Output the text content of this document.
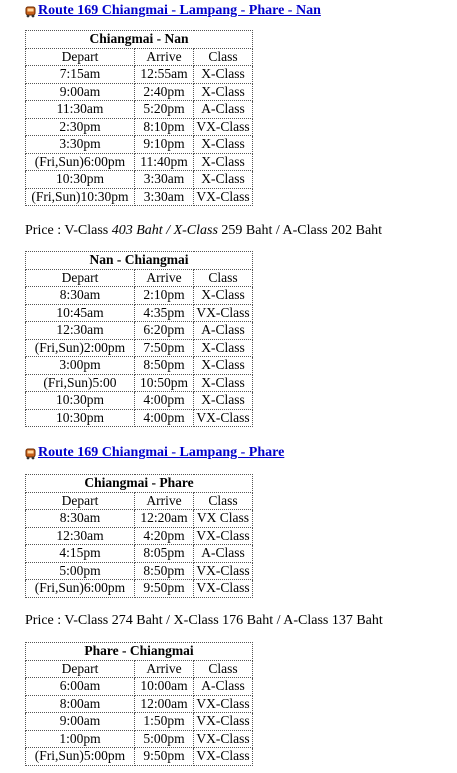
Route 169 Chiangmai - Lampang - Phare - Nan
Chiangmai - Nan		
Depart	Arrive	Class
7:15am	12:55am	X-Class
9:00am	2:40pm	X-Class
11:30am	5:20pm	A-Class
2:30pm	8:10pm	VX-Class
3:30pm	9:10pm	X-Class
(Fri,Sun)6:00pm	11:40pm	X-Class
10:30pm	3:30am	X-Class
(Fri,Sun)10:30pm	3:30am	VX-Class
Price : V-Class 403 Baht / X-Class 259 Baht / A-Class 202 Baht
Nan - Chiangmai		
Depart	Arrive	Class
8:30am	2:10pm	X-Class
10:45am	4:35pm	VX-Class
12:30am	6:20pm	A-Class
(Fri,Sun)2:00pm	7:50pm	X-Class
3:00pm	8:50pm	X-Class
(Fri,Sun)5:00	10:50pm	X-Class
10:30pm	4:00pm	X-Class
10:30pm	4:00pm	VX-Class
Route 169 Chiangmai - Lampang - Phare
Chiangmai - Phare		
Depart	Arrive	Class
8:30am	12:20am	VX Class
12:30am	4:20pm	VX-Class
4:15pm	8:05pm	A-Class
5:00pm	8:50pm	VX-Class
(Fri,Sun)6:00pm	9:50pm	VX-Class
Price : V-Class 274 Baht / X-Class 176 Baht / A-Class 137 Baht
Phare - Chiangmai		
Depart	Arrive	Class
6:00am	10:00am	A-Class
8:00am	12:00am	VX-Class
9:00am	1:50pm	VX-Class
1:00pm	5:00pm	VX-Class
(Fri,Sun)5:00pm	9:50pm	VX-Class
